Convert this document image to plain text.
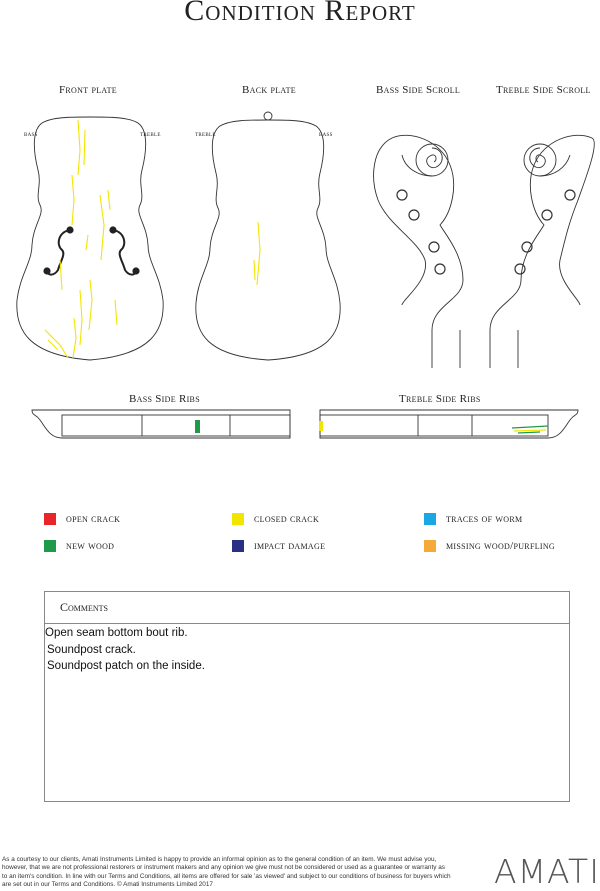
Condition Report
Front plate	Back plate	Bass Side Scroll	Treble Side Scroll
Bass Side Ribs	Treble Side Ribs
bass	treble	treble	bass
open crack	closed crack	traces of worm
new wood	impact damage	missing wood/purfling
Comments
Open seam bottom bout rib.
Soundpost crack.
Soundpost patch on the inside.
As a courtesy to our clients, Amati Instruments Limited is happy to provide an informal opinion as to the general condition of an item. We must advise you, however, that we are not professional restorers or instrument makers and any opinion we give must not be considered or used as a guarantee or warranty as to an item's condition. In line with our Terms and Conditions, all items are offered for sale 'as viewed' and subject to our conditions of business for buyers which are set out in our Terms and Conditions. © Amati Instruments Limited 2017	AMATI
